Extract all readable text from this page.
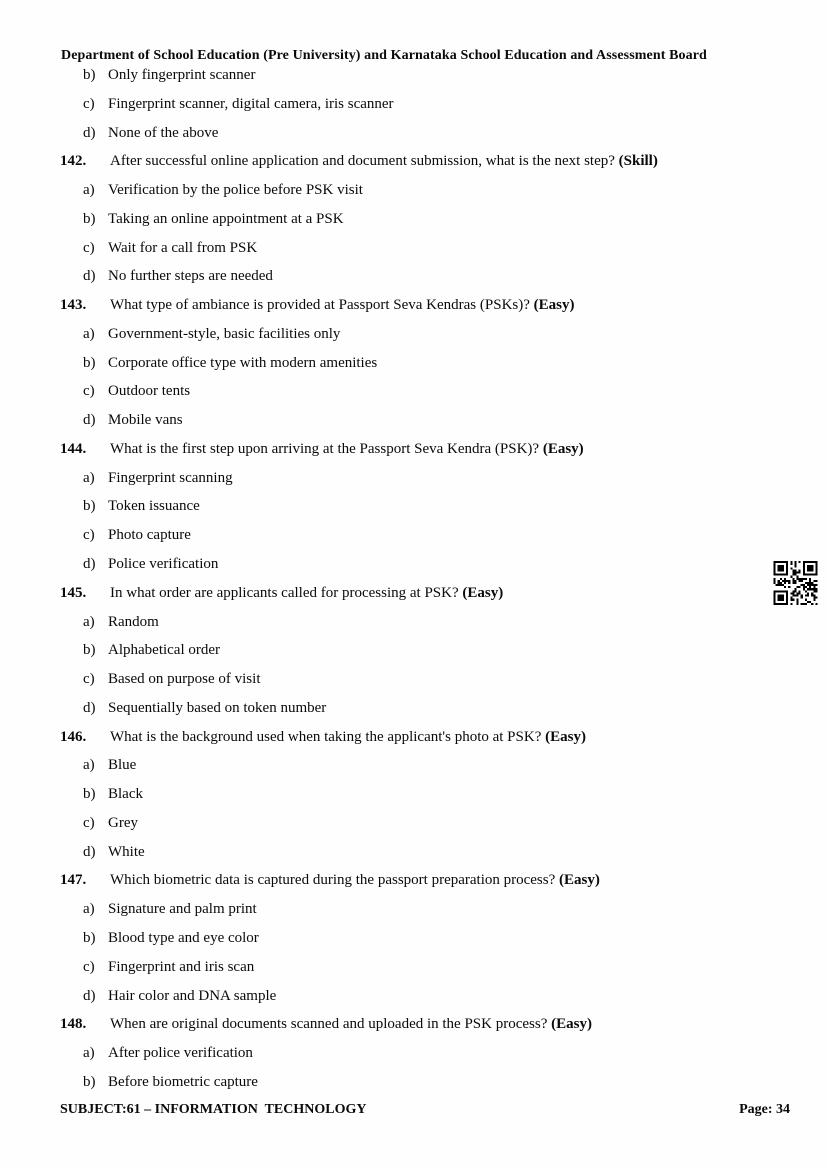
Department of School Education (Pre University) and Karnataka School Education and Assessment Board
b) Only fingerprint scanner
c) Fingerprint scanner, digital camera, iris scanner
d) None of the above
142. After successful online application and document submission, what is the next step? (Skill)
a) Verification by the police before PSK visit
b) Taking an online appointment at a PSK
c) Wait for a call from PSK
d) No further steps are needed
143. What type of ambiance is provided at Passport Seva Kendras (PSKs)? (Easy)
a) Government-style, basic facilities only
b) Corporate office type with modern amenities
c) Outdoor tents
d) Mobile vans
144. What is the first step upon arriving at the Passport Seva Kendra (PSK)? (Easy)
a) Fingerprint scanning
b) Token issuance
c) Photo capture
d) Police verification
145. In what order are applicants called for processing at PSK? (Easy)
a) Random
b) Alphabetical order
c) Based on purpose of visit
d) Sequentially based on token number
146. What is the background used when taking the applicant's photo at PSK? (Easy)
a) Blue
b) Black
c) Grey
d) White
147. Which biometric data is captured during the passport preparation process? (Easy)
a) Signature and palm print
b) Blood type and eye color
c) Fingerprint and iris scan
d) Hair color and DNA sample
148. When are original documents scanned and uploaded in the PSK process? (Easy)
a) After police verification
b) Before biometric capture
SUBJECT:61 – INFORMATION  TECHNOLOGY	Page: 34
